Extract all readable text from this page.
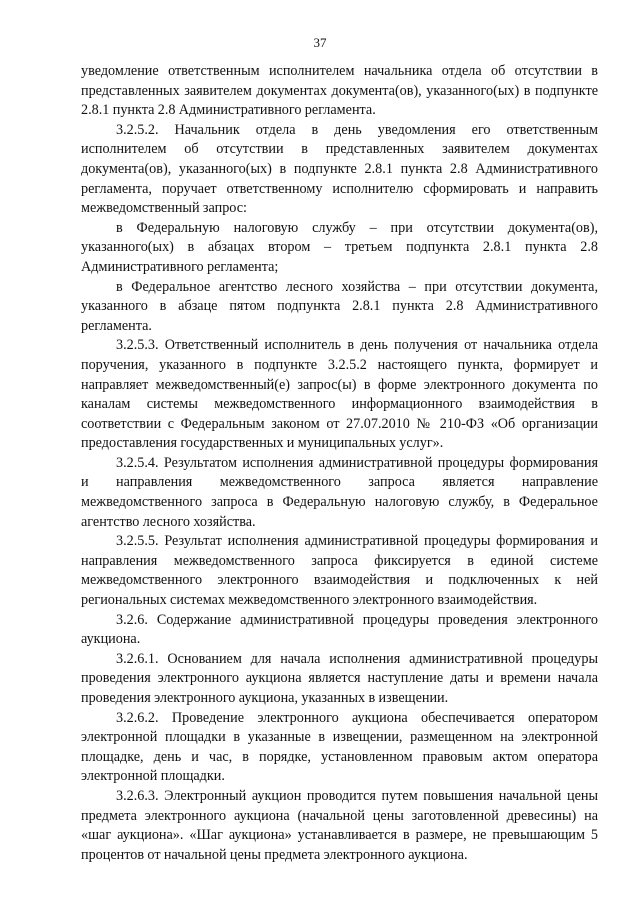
37

уведомление ответственным исполнителем начальника отдела об отсутствии в представленных заявителем документах документа(ов), указанного(ых) в подпункте 2.8.1 пункта 2.8 Административного регламента.

3.2.5.2. Начальник отдела в день уведомления его ответственным исполнителем об отсутствии в представленных заявителем документах документа(ов), указанного(ых) в подпункте 2.8.1 пункта 2.8 Административного регламента, поручает ответственному исполнителю сформировать и направить межведомственный запрос:

в Федеральную налоговую службу – при отсутствии документа(ов), указанного(ых) в абзацах втором – третьем подпункта 2.8.1 пункта 2.8 Административного регламента;

в Федеральное агентство лесного хозяйства – при отсутствии документа, указанного в абзаце пятом подпункта 2.8.1 пункта 2.8 Административного регламента.

3.2.5.3. Ответственный исполнитель в день получения от начальника отдела поручения, указанного в подпункте 3.2.5.2 настоящего пункта, формирует и направляет межведомственный(е) запрос(ы) в форме электронного документа по каналам системы межведомственного информационного взаимодействия в соответствии с Федеральным законом от 27.07.2010 № 210-ФЗ «Об организации предоставления государственных и муниципальных услуг».

3.2.5.4. Результатом исполнения административной процедуры формирования и направления межведомственного запроса является направление межведомственного запроса в Федеральную налоговую службу, в Федеральное агентство лесного хозяйства.

3.2.5.5. Результат исполнения административной процедуры формирования и направления межведомственного запроса фиксируется в единой системе межведомственного электронного взаимодействия и подключенных к ней региональных системах межведомственного электронного взаимодействия.

3.2.6. Содержание административной процедуры проведения электронного аукциона.

3.2.6.1. Основанием для начала исполнения административной процедуры проведения электронного аукциона является наступление даты и времени начала проведения электронного аукциона, указанных в извещении.

3.2.6.2. Проведение электронного аукциона обеспечивается оператором электронной площадки в указанные в извещении, размещенном на электронной площадке, день и час, в порядке, установленном правовым актом оператора электронной площадки.

3.2.6.3. Электронный аукцион проводится путем повышения начальной цены предмета электронного аукциона (начальной цены заготовленной древесины) на «шаг аукциона». «Шаг аукциона» устанавливается в размере, не превышающим 5 процентов от начальной цены предмета электронного аукциона.
